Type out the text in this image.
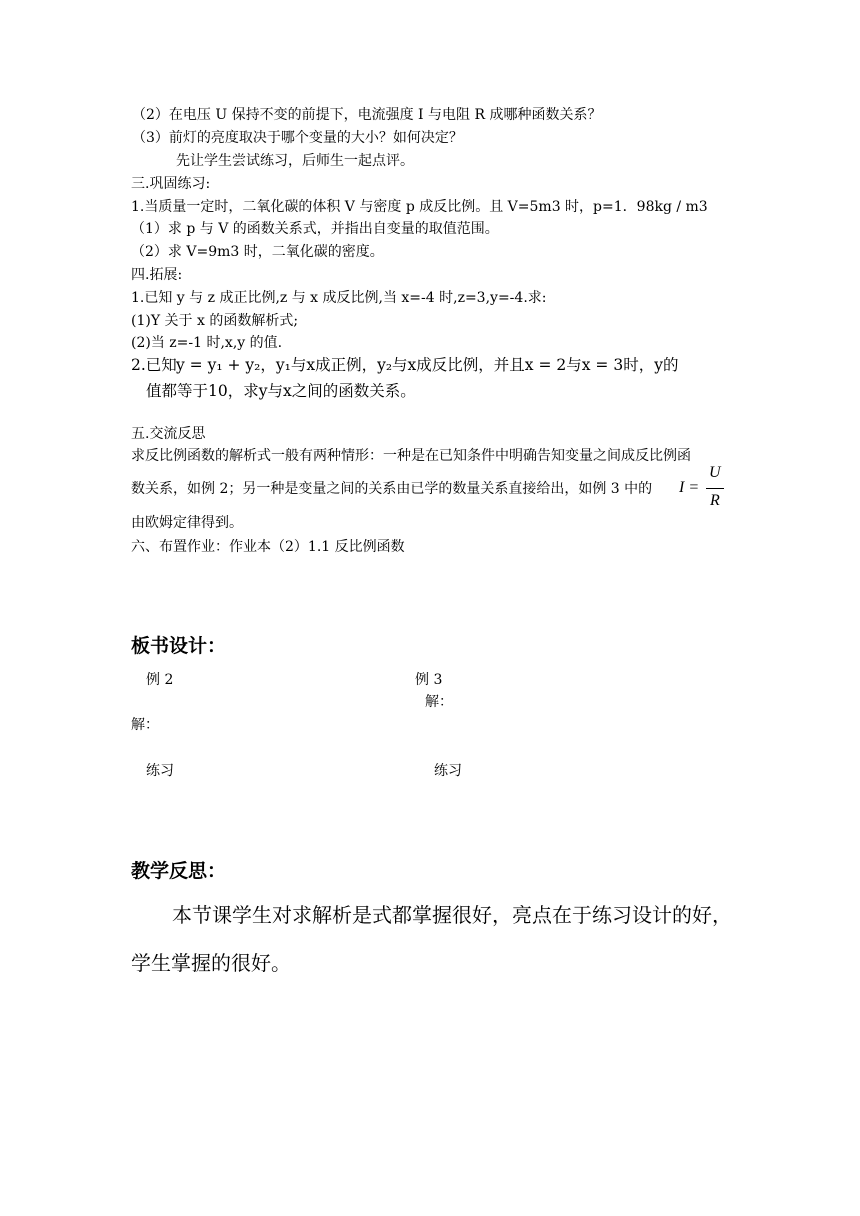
（2）在电压 U 保持不变的前提下，电流强度 I 与电阻 R 成哪种函数关系？
（3）前灯的亮度取决于哪个变量的大小？如何决定？
先让学生尝试练习，后师生一起点评。
三.巩固练习:
1.当质量一定时，二氧化碳的体积 V 与密度 p 成反比例。且 V=5m3 时，p=1．98kg / m3
（1）求 p 与 V 的函数关系式，并指出自变量的取值范围。
（2）求 V=9m3 时，二氧化碳的密度。
四.拓展:
1.已知 y 与 z 成正比例,z 与 x 成反比例,当 x=-4 时,z=3,y=-4.求:
(1)Y 关于 x 的函数解析式;
(2)当 z=-1 时,x,y 的值.
2.已知 y = y₁ + y₂，y₁与x成正例，y₂与x成反比例，并且x = 2与x = 3时，y的
值都等于10，求y与x之间的函数关系。
五.交流反思
求反比例函数的解析式一般有两种情形：一种是在已知条件中明确告知变量之间成反比例函
数关系，如例 2；另一种是变量之间的关系由已学的数量关系直接给出，如例 3 中的 I =
U
R
由欧姆定律得到。
六、布置作业：作业本（2）1.1 反比例函数
板书设计：
例 2	例 3
解：
解：
练习	练习
教学反思：
本节课学生对求解析是式都掌握很好，亮点在于练习设计的好，
学生掌握的很好。
